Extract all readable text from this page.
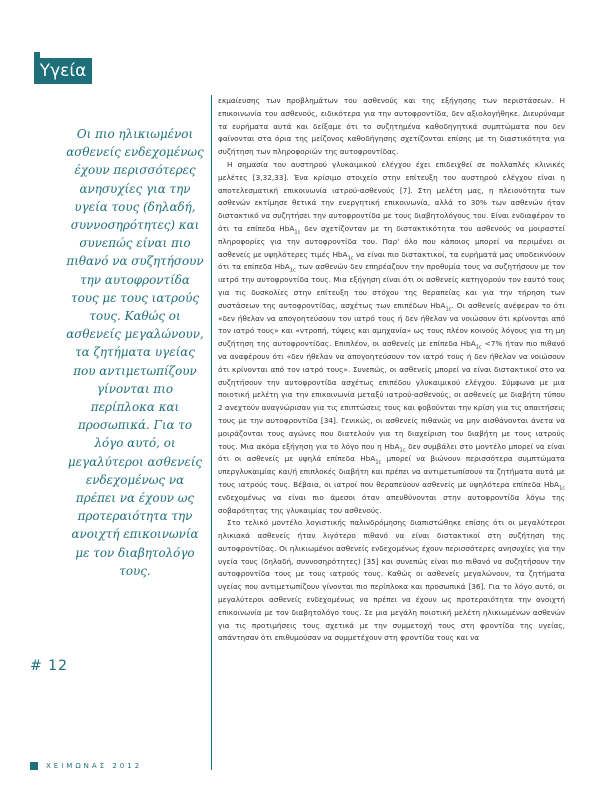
Υγεία

Οι πιο ηλικιωμένοι ασθενείς ενδεχομένως έχουν περισσότερες ανησυχίες για την υγεία τους (δηλαδή, συννοσηρότητες) και συνεπώς είναι πιο πιθανό να συζητήσουν την αυτοφροντίδα τους με τους ιατρούς τους. Καθώς οι ασθενείς μεγαλώνουν, τα ζητήματα υγείας που αντιμετωπίζουν γίνονται πιο περίπλοκα και προσωπικά. Για το λόγο αυτό, οι μεγαλύτεροι ασθενείς ενδεχομένως να πρέπει να έχουν ως προτεραιότητα την ανοιχτή επικοινωνία με τον διαβητολόγο τους.

# 12

εκμαίευσης των προβλημάτων του ασθενούς και της εξήγησης των περιστάσεων. Η επικοινωνία του ασθενούς, ειδικότερα για την αυτοφροντίδα, δεν αξιολογήθηκε. Διευρύναμε τα ευρήματα αυτά και δείξαμε ότι το συζητημένα καθοδηγητικά συμπτώματα που δεν φαίνονται στα όρια της μείζονος καθοδήγησης σχετίζονται επίσης με τη διαστικότητα για συζήτηση των πληροφοριών της αυτοφροντίδας.

Η σημασία του αυστηρού γλυκαιμικού ελέγχου έχει επιδειχθεί σε πολλαπλές κλινικές μελέτες [3,32,33]. Ένα κρίσιμο στοιχείο στην επίτευξη του αυστηρού ελέγχου είναι η αποτελεσματική επικοινωνία ιατρού-ασθενούς [7]. Στη μελέτη μας, η πλειονότητα των ασθενών εκτίμησε θετικά την ενεργητική επικοινωνία, αλλά το 30% των ασθενών ήταν διστακτικό να συζητήσει την αυτοφροντίδα με τους διαβητολόγους του. Είναι ενδιαφέρον το ότι τα επίπεδα HbA$_{1c}$ δεν σχετίζονταν με τη διστακτικότητα του ασθενούς να μοιραστεί πληροφορίες για την αυτοφροντίδα του. Παρ' όλο που κάποιος μπορεί να περιμένει οι ασθενείς με υψηλότερες τιμές HbA$_{1c}$ να είναι πιο διστακτικοί, τα ευρήματά μας υποδεικνύουν ότι τα επίπεδα HbA$_{1c}$ των ασθενών δεν επηρέαζουν την προθυμία τους να συζητήσουν με τον ιατρό την αυτοφροντίδα τους. Μια εξήγηση είναι ότι οι ασθενείς κατηγορούν τον εαυτό τους για τις δυσκολίες στην επίτευξη του στόχου της θεραπείας και για την τήρηση των συστάσεων της αυτοφροντίδας, ασχέτως των επιπέδων HbA$_{1c}$. Οι ασθενείς ανέφεραν το ότι «δεν ήθελαν να απογοητεύσουν τον ιατρό τους ή δεν ήθελαν να νοιώσουν ότι κρίνονται από τον ιατρό τους» και «ντροπή, τύψεις και αμηχανία» ως τους πλέον κοινούς λόγους για τη μη συζήτηση της αυτοφροντίδας. Επιπλέον, οι ασθενείς με επίπεδα HbA$_{1c}$ <7% ήταν πιο πιθανό να αναφέρουν ότι «δεν ήθελαν να απογοητεύσουν τον ιατρό τους ή δεν ήθελαν να νοιώσουν ότι κρίνονται από τον ιατρό τους». Συνεπώς, οι ασθενείς μπορεί να είναι διστακτικοί στο να συζητήσουν την αυτοφροντίδα ασχέτως επιπέδου γλυκαιμικού ελέγχου. Σύμφωνα με μια ποιοτική μελέτη για την επικοινωνία μεταξύ ιατρού-ασθενούς, οι ασθενείς με διαβήτη τύπου 2 ανεχτούν αναγνώρισαν για τις επιπτώσεις τους και φοβούνται την κρίση για τις απαιτήσεις τους με την αυτοφροντίδα [34]. Γενικώς, οι ασθενείς πιθανώς να μην αισθάνονται άνετα να μοιράζονται τους αγώνες που διατελούν για τη διαχείριση του διαβήτη με τους ιατρούς τους. Μια ακόμα εξήγηση για το λόγο που η HbA$_{1c}$ δεν συμβάλει στο μοντέλο μπορεί να είναι ότι οι ασθενείς με υψηλά επίπεδα HbA$_{1c}$ μπορεί να βιώνουν περισσότερα συμπτώματα υπεργλυκαιμίας και/ή επιπλοκές διαβήτη και πρέπει να αντιμετωπίσουν τα ζητήματα αυτά με τους ιατρούς τους. Βέβαια, οι ιατροί που θεραπεύουν ασθενείς με υψηλότερα επίπεδα HbA$_{1c}$ ενδεχομένως να είναι πιο άμεσοι όταν απευθύνονται στην αυτοφροντίδα λόγω της σοβαρότητας της γλυκαιμίας του ασθενούς.

Στο τελικό μοντέλο λογιστικής παλινδρόμησης διαπιστώθηκε επίσης ότι οι μεγαλύτεροι ηλικιακά ασθενείς ήταν λιγότερο πιθανό να είναι διστακτικοί στη συζήτηση της αυτοφροντίδας. Οι ηλικιωμένοι ασθενείς ενδεχομένως έχουν περισσότερες ανησυχίες για την υγεία τους (δηλαδή, συννοσηρότητες) [35] και συνεπώς είναι πιο πιθανό να συζητήσουν την αυτοφροντίδα τους με τους ιατρούς τους. Καθώς οι ασθενείς μεγαλώνουν, τα ζητήματα υγείας που αντιμετωπίζουν γίνονται πιο περίπλοκα και προσωπικά [36]. Για το λόγο αυτό, οι μεγαλύτεροι ασθενείς ενδεχομένως να πρέπει να έχουν ως προτεραιότητα την ανοιχτή επικοινωνία με τον διαβητολόγο τους. Σε μια μεγάλη ποιοτική μελέτη ηλικιωμένων ασθενών για τις προτιμήσεις τους σχετικά με την συμμετοχή τους στη φροντίδα της υγείας, απάντησαν ότι επιθυμούσαν να συμμετέχουν στη φροντίδα τους και να

ΧΕΙΜΩΝΑΣ 2012
